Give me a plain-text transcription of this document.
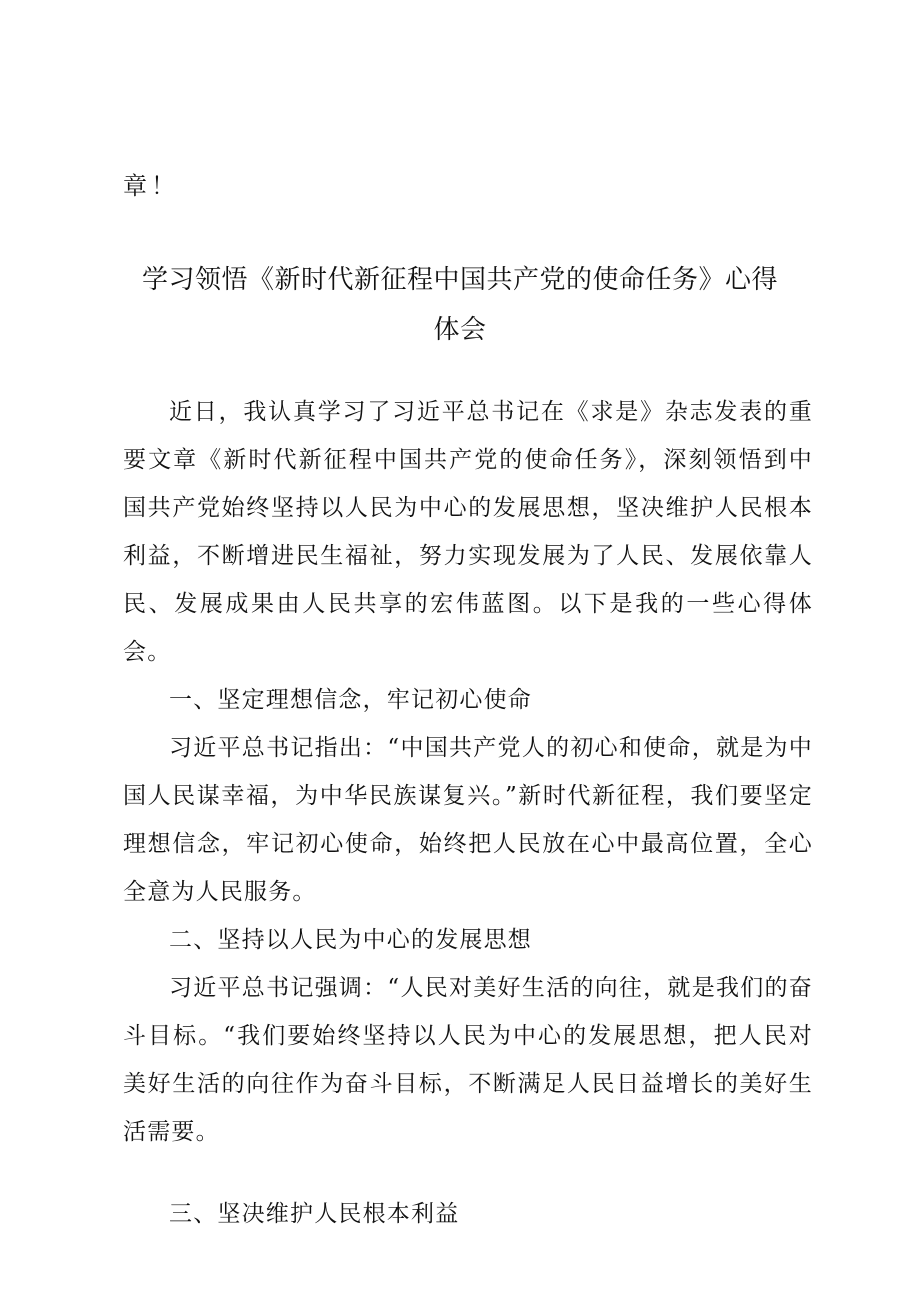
章！
学习领悟《新时代新征程中国共产党的使命任务》心得
体会

近日，我认真学习了习近平总书记在《求是》杂志发表的重要文章《新时代新征程中国共产党的使命任务》，深刻领悟到中国共产党始终坚持以人民为中心的发展思想，坚决维护人民根本利益，不断增进民生福祉，努力实现发展为了人民、发展依靠人民、发展成果由人民共享的宏伟蓝图。以下是我的一些心得体会。

一、坚定理想信念，牢记初心使命

习近平总书记指出：“中国共产党人的初心和使命，就是为中国人民谋幸福，为中华民族谋复兴。”新时代新征程，我们要坚定理想信念，牢记初心使命，始终把人民放在心中最高位置，全心全意为人民服务。

二、坚持以人民为中心的发展思想

习近平总书记强调：“人民对美好生活的向往，就是我们的奋斗目标。“我们要始终坚持以人民为中心的发展思想，把人民对美好生活的向往作为奋斗目标，不断满足人民日益增长的美好生活需要。

三、坚决维护人民根本利益
